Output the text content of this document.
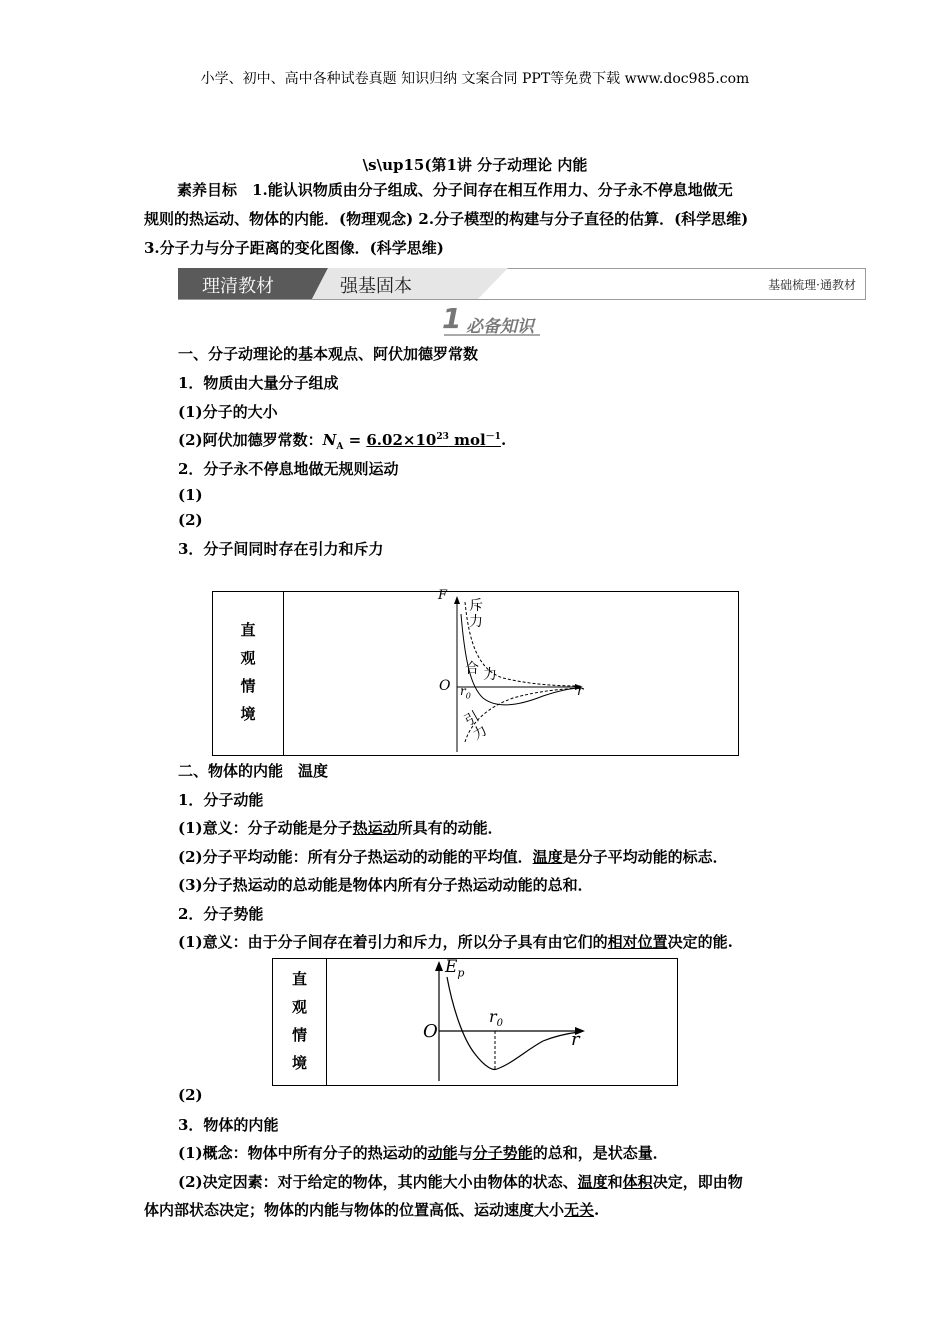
小学、初中、高中各种试卷真题 知识归纳 文案合同 PPT等免费下载 www.doc985.com
\s\up15(第1讲 分子动理论 内能
素养目标　 1.能认识物质由分子组成、分子间存在相互作用力、分子永不停息地做无
规则的热运动、物体的内能．(物理观念) 2.分子模型的构建与分子直径的估算．(科学思维)
3.分子力与分子距离的变化图像．(科学思维)
理清教材	强基固本	基础梳理·通教材
1 必备知识
一、分子动理论的基本观点、阿伏加德罗常数
1．物质由大量分子组成
(1)分子的大小
(2)阿伏加德罗常数：$N_A = 6.02\times 10^{23}$ mol$^{-1}$.
2．分子永不停息地做无规则运动
(1)
(2)
3．分子间同时存在引力和斥力
直
观
情
境
F
O $r_0$	r
斥
力
合 力
引
力
二、物体的内能　温度
1．分子动能
(1)意义：分子动能是分子热运动所具有的动能．
(2)分子平均动能：所有分子热运动的动能的平均值．温度是分子平均动能的标志．
(3)分子热运动的总动能是物体内所有分子热运动动能的总和．
2．分子势能
(1)意义：由于分子间存在着引力和斥力，所以分子具有由它们的相对位置决定的能.
直
观
情
境
$E_p$
O
$r_0$
r
(2)
3．物体的内能
(1)概念：物体中所有分子的热运动的动能与分子势能的总和，是状态量．
(2)决定因素：对于给定的物体，其内能大小由物体的状态、温度和体积决定，即由物
体内部状态决定；物体的内能与物体的位置高低、运动速度大小无关.
